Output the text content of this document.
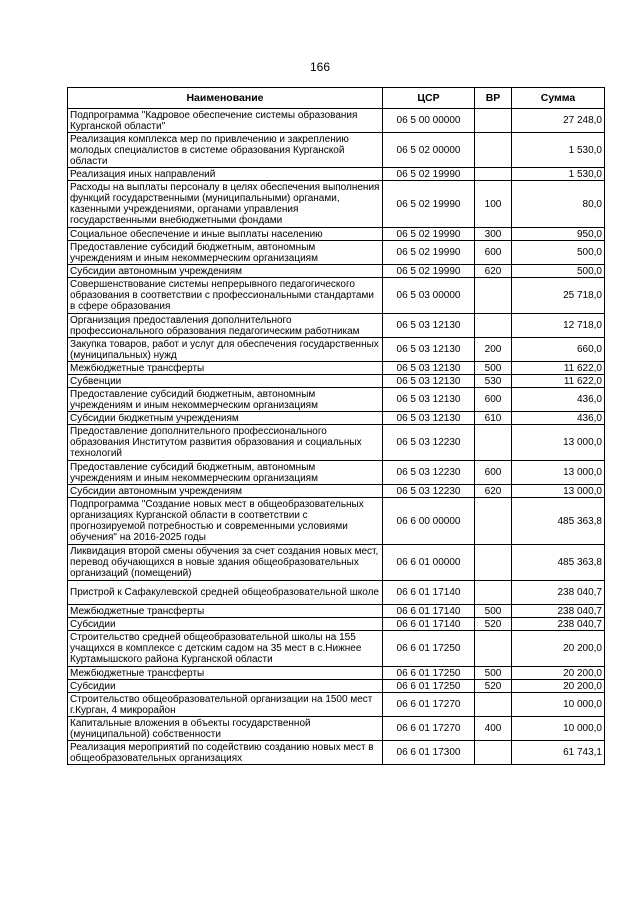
166
Наименование	ЦСР	ВР	Сумма
Подпрограмма "Кадровое обеспечение системы образования Курганской области"	06 5 00 00000		27 248,0
Реализация комплекса мер по привлечению и закреплению молодых специалистов в системе образования Курганской области	06 5 02 00000		1 530,0
Реализация иных направлений	06 5 02 19990		1 530,0
Расходы на выплаты персоналу в целях обеспечения выполнения функций государственными (муниципальными) органами, казенными учреждениями, органами управления государственными внебюджетными фондами	06 5 02 19990	100	80,0
Социальное обеспечение и иные выплаты населению	06 5 02 19990	300	950,0
Предоставление субсидий бюджетным, автономным учреждениям и иным некоммерческим организациям	06 5 02 19990	600	500,0
Субсидии автономным учреждениям	06 5 02 19990	620	500,0
Совершенствование системы непрерывного педагогического образования в соответствии с профессиональными стандартами в сфере образования	06 5 03 00000		25 718,0
Организация предоставления дополнительного профессионального образования педагогическим работникам	06 5 03 12130		12 718,0
Закупка товаров, работ и услуг для обеспечения государственных (муниципальных) нужд	06 5 03 12130	200	660,0
Межбюджетные трансферты	06 5 03 12130	500	11 622,0
Субвенции	06 5 03 12130	530	11 622,0
Предоставление субсидий бюджетным, автономным учреждениям и иным некоммерческим организациям	06 5 03 12130	600	436,0
Субсидии бюджетным учреждениям	06 5 03 12130	610	436,0
Предоставление дополнительного профессионального образования Институтом развития образования и социальных технологий	06 5 03 12230		13 000,0
Предоставление субсидий бюджетным, автономным учреждениям и иным некоммерческим организациям	06 5 03 12230	600	13 000,0
Субсидии автономным учреждениям	06 5 03 12230	620	13 000,0
Подпрограмма "Создание новых мест в общеобразовательных организациях Курганской области в соответствии с прогнозируемой потребностью и современными условиями обучения" на 2016-2025 годы	06 6 00 00000		485 363,8
Ликвидация второй смены обучения за счет создания новых мест, перевод обучающихся в новые здания общеобразовательных организаций (помещений)	06 6 01 00000		485 363,8
Пристрой к Сафакулевской средней общеобразовательной школе	06 6 01 17140		238 040,7
Межбюджетные трансферты	06 6 01 17140	500	238 040,7
Субсидии	06 6 01 17140	520	238 040,7
Строительство средней общеобразовательной школы на 155 учащихся в комплексе с детским садом на 35 мест в с.Нижнее Куртамышского района Курганской области	06 6 01 17250		20 200,0
Межбюджетные трансферты	06 6 01 17250	500	20 200,0
Субсидии	06 6 01 17250	520	20 200,0
Строительство общеобразовательной организации на 1500 мест г.Курган, 4 микрорайон	06 6 01 17270		10 000,0
Капитальные вложения в объекты государственной (муниципальной) собственности	06 6 01 17270	400	10 000,0
Реализация мероприятий по содействию созданию новых мест в общеобразовательных организациях	06 6 01 17300		61 743,1
